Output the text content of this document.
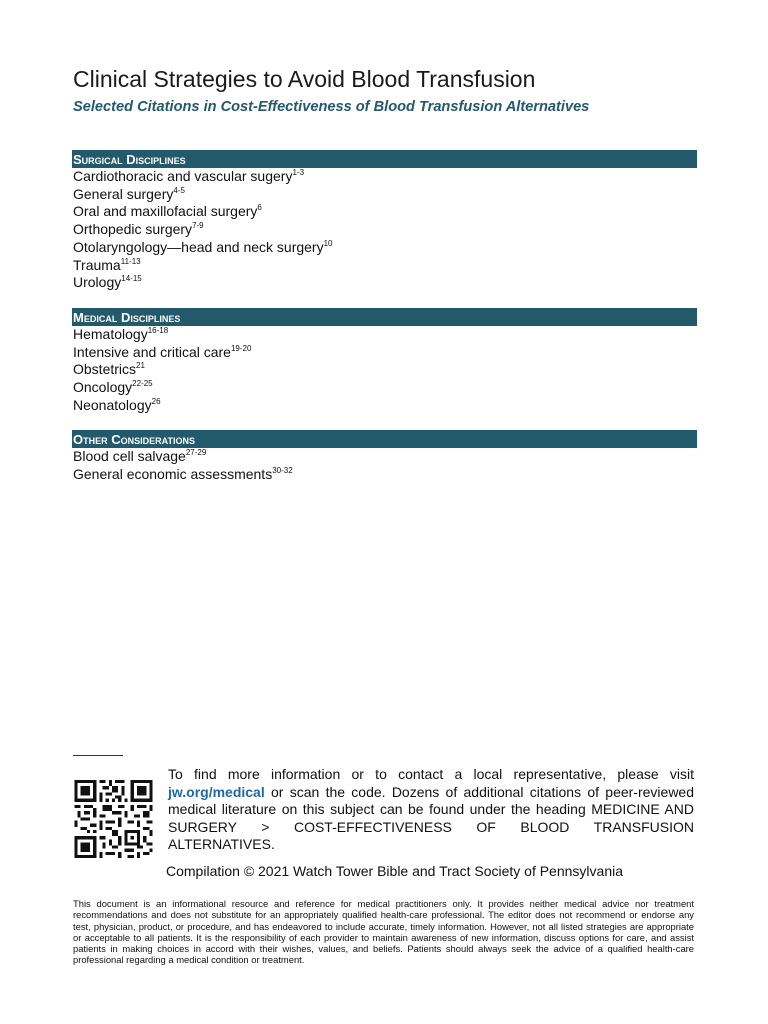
Clinical Strategies to Avoid Blood Transfusion
Selected Citations in Cost-Effectiveness of Blood Transfusion Alternatives
Surgical Disciplines
Cardiothoracic and vascular sugery$^{1-3}$
General surgery$^{4-5}$
Oral and maxillofacial surgery$^6$
Orthopedic surgery$^{7-9}$
Otolaryngology—head and neck surgery$^{10}$
Trauma$^{11-13}$
Urology$^{14-15}$
Medical Disciplines
Hematology$^{16-18}$
Intensive and critical care$^{19-20}$
Obstetrics$^{21}$
Oncology$^{22-25}$
Neonatology$^{26}$
Other Considerations
Blood cell salvage$^{27-29}$
General economic assessments$^{30-32}$
To find more information or to contact a local representative, please visit jw.org/medical or scan the code. Dozens of additional citations of peer-reviewed medical literature on this subject can be found under the heading MEDICINE AND SURGERY > COST-EFFECTIVENESS OF BLOOD TRANSFUSION ALTERNATIVES.
Compilation © 2021 Watch Tower Bible and Tract Society of Pennsylvania
This document is an informational resource and reference for medical practitioners only. It provides neither medical advice nor treatment recommendations and does not substitute for an appropriately qualified health-care professional. The editor does not recommend or endorse any test, physician, product, or procedure, and has endeavored to include accurate, timely information. However, not all listed strategies are appropriate or acceptable to all patients. It is the responsibility of each provider to maintain awareness of new information, discuss options for care, and assist patients in making choices in accord with their wishes, values, and beliefs. Patients should always seek the advice of a qualified health-care professional regarding a medical condition or treatment.
